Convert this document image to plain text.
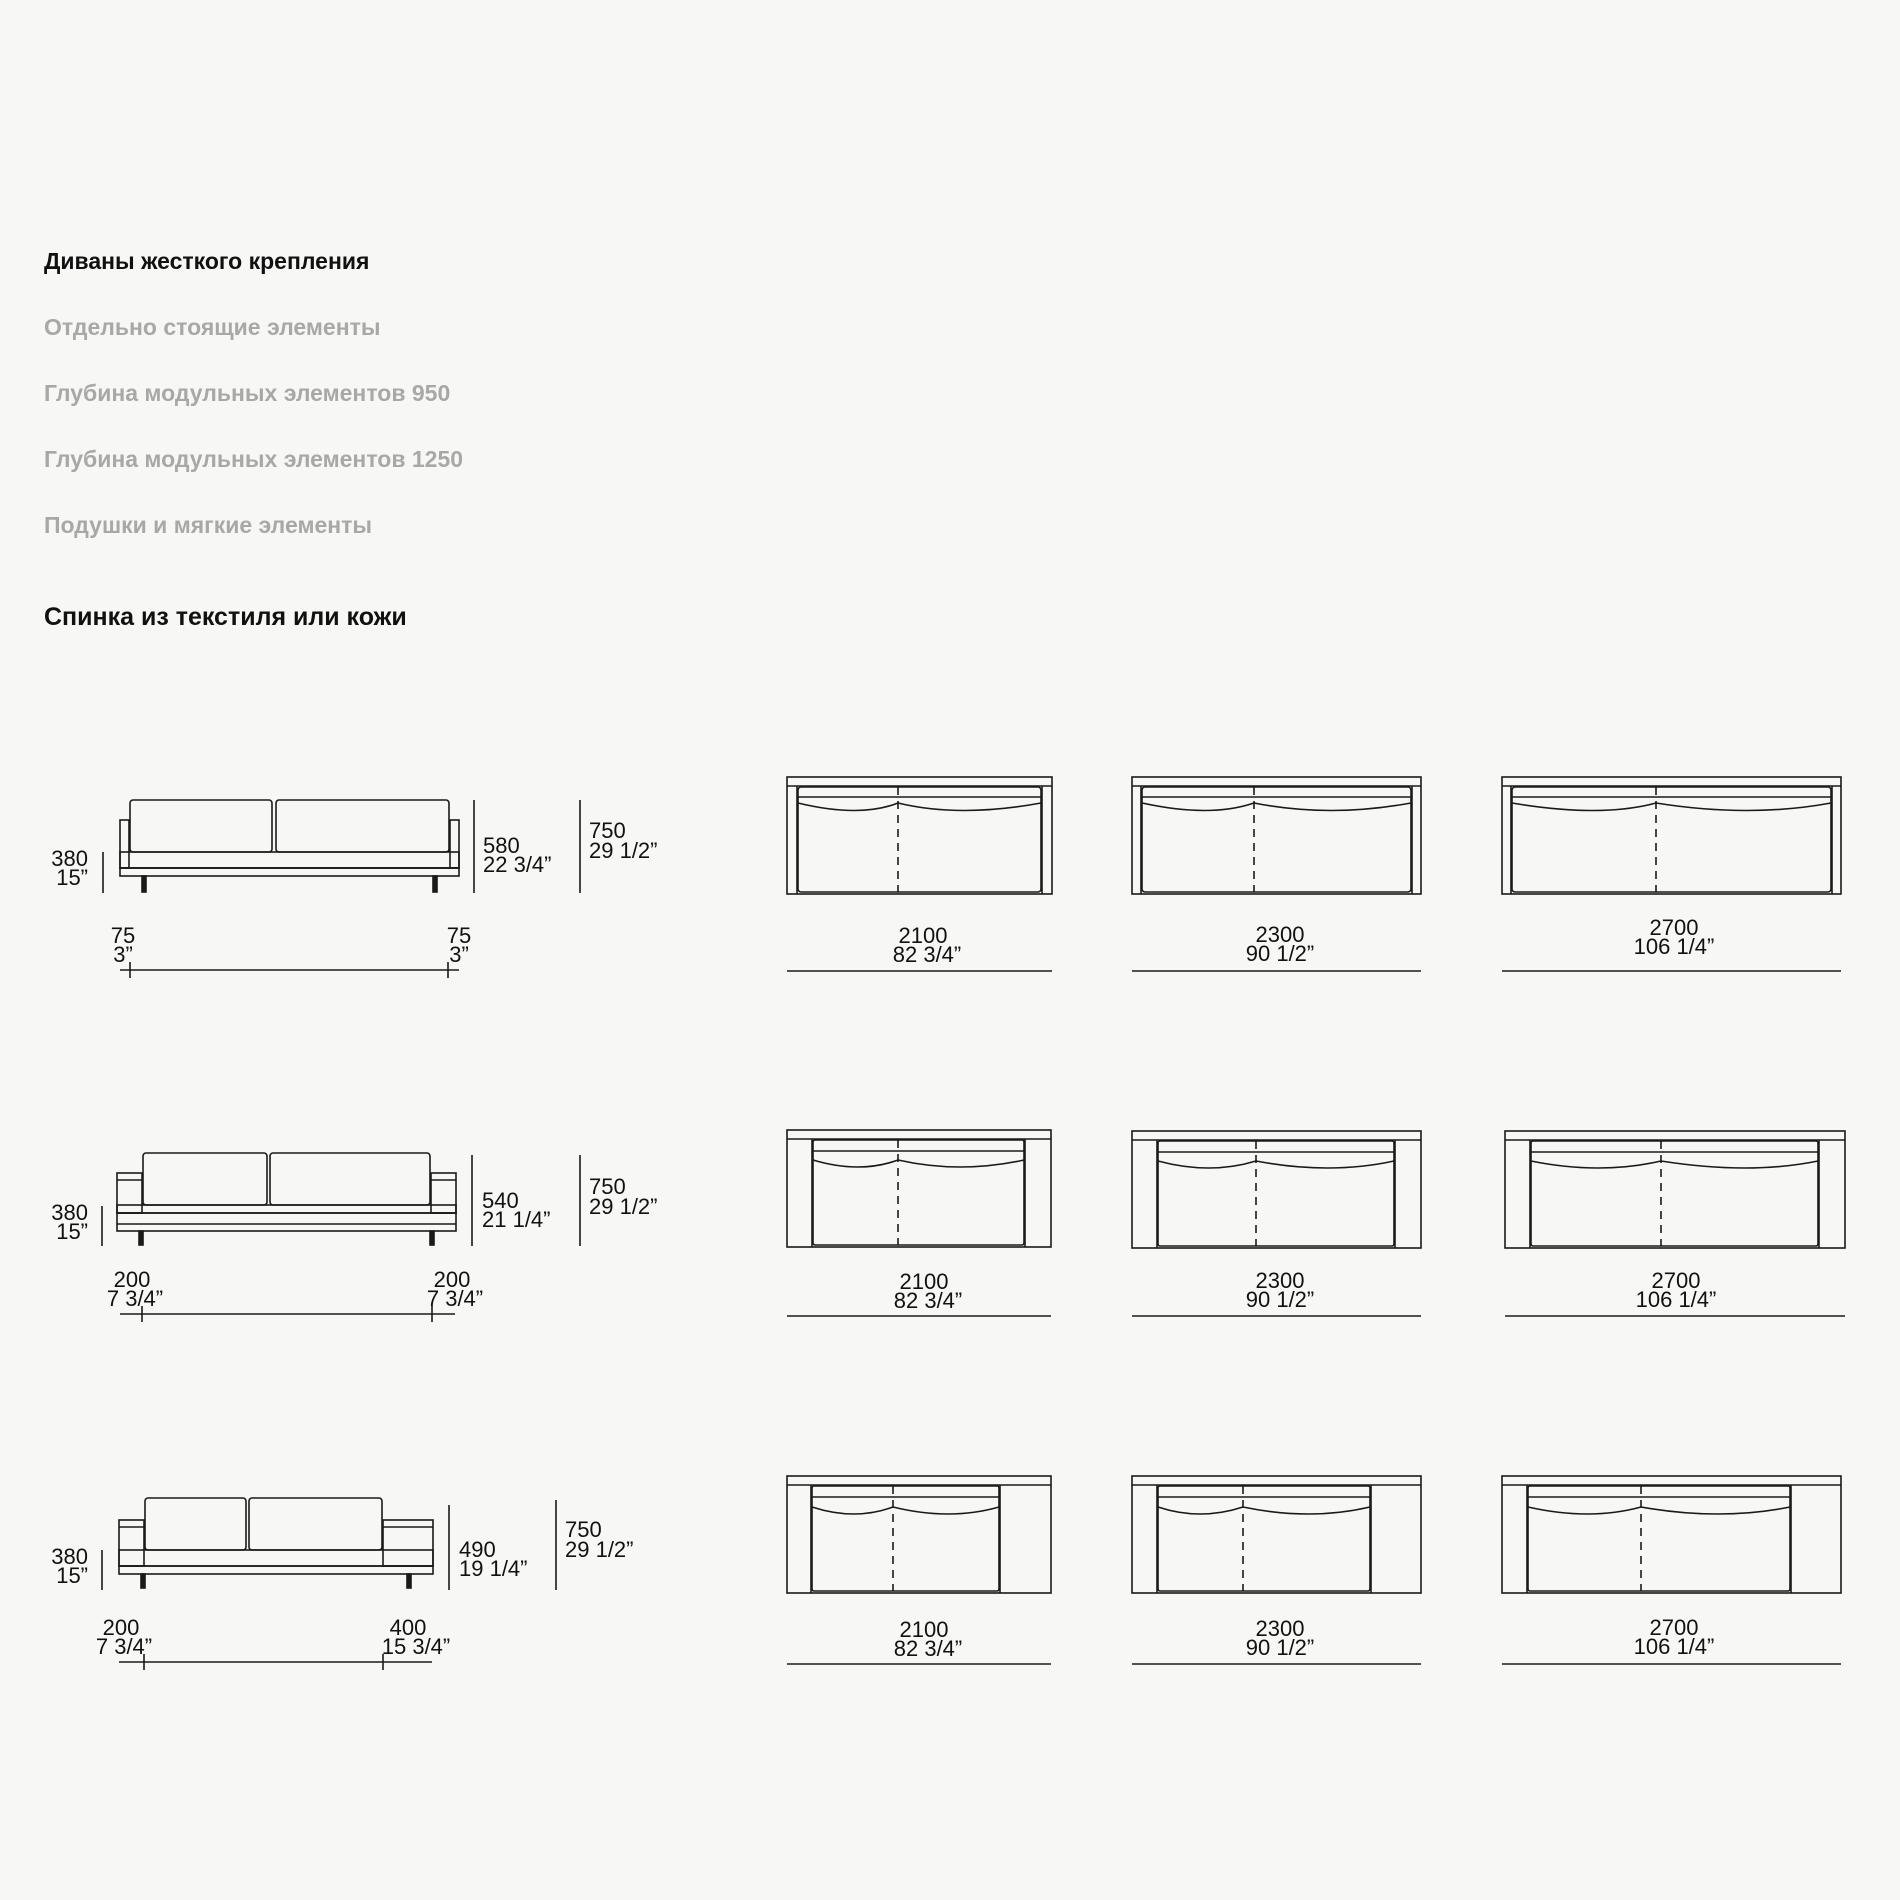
Диваны жесткого крепления
Отдельно стоящие элементы
Глубина модульных элементов 950
Глубина модульных элементов 1250
Подушки и мягкие элементы
Спинка из текстиля или кожи
380
15”
580
22 3/4”
750
29 1/2”
75
3”
75
3”
2100
82 3/4”
2300
90 1/2”
2700
106 1/4”
380
15”
540
21 1/4”
750
29 1/2”
200
7 3/4”
200
7 3/4”
2100
82 3/4”
2300
90 1/2”
2700
106 1/4”
380
15”
490
19 1/4”
750
29 1/2”
200
7 3/4”
400
15 3/4”
2100
82 3/4”
2300
90 1/2”
2700
106 1/4”
